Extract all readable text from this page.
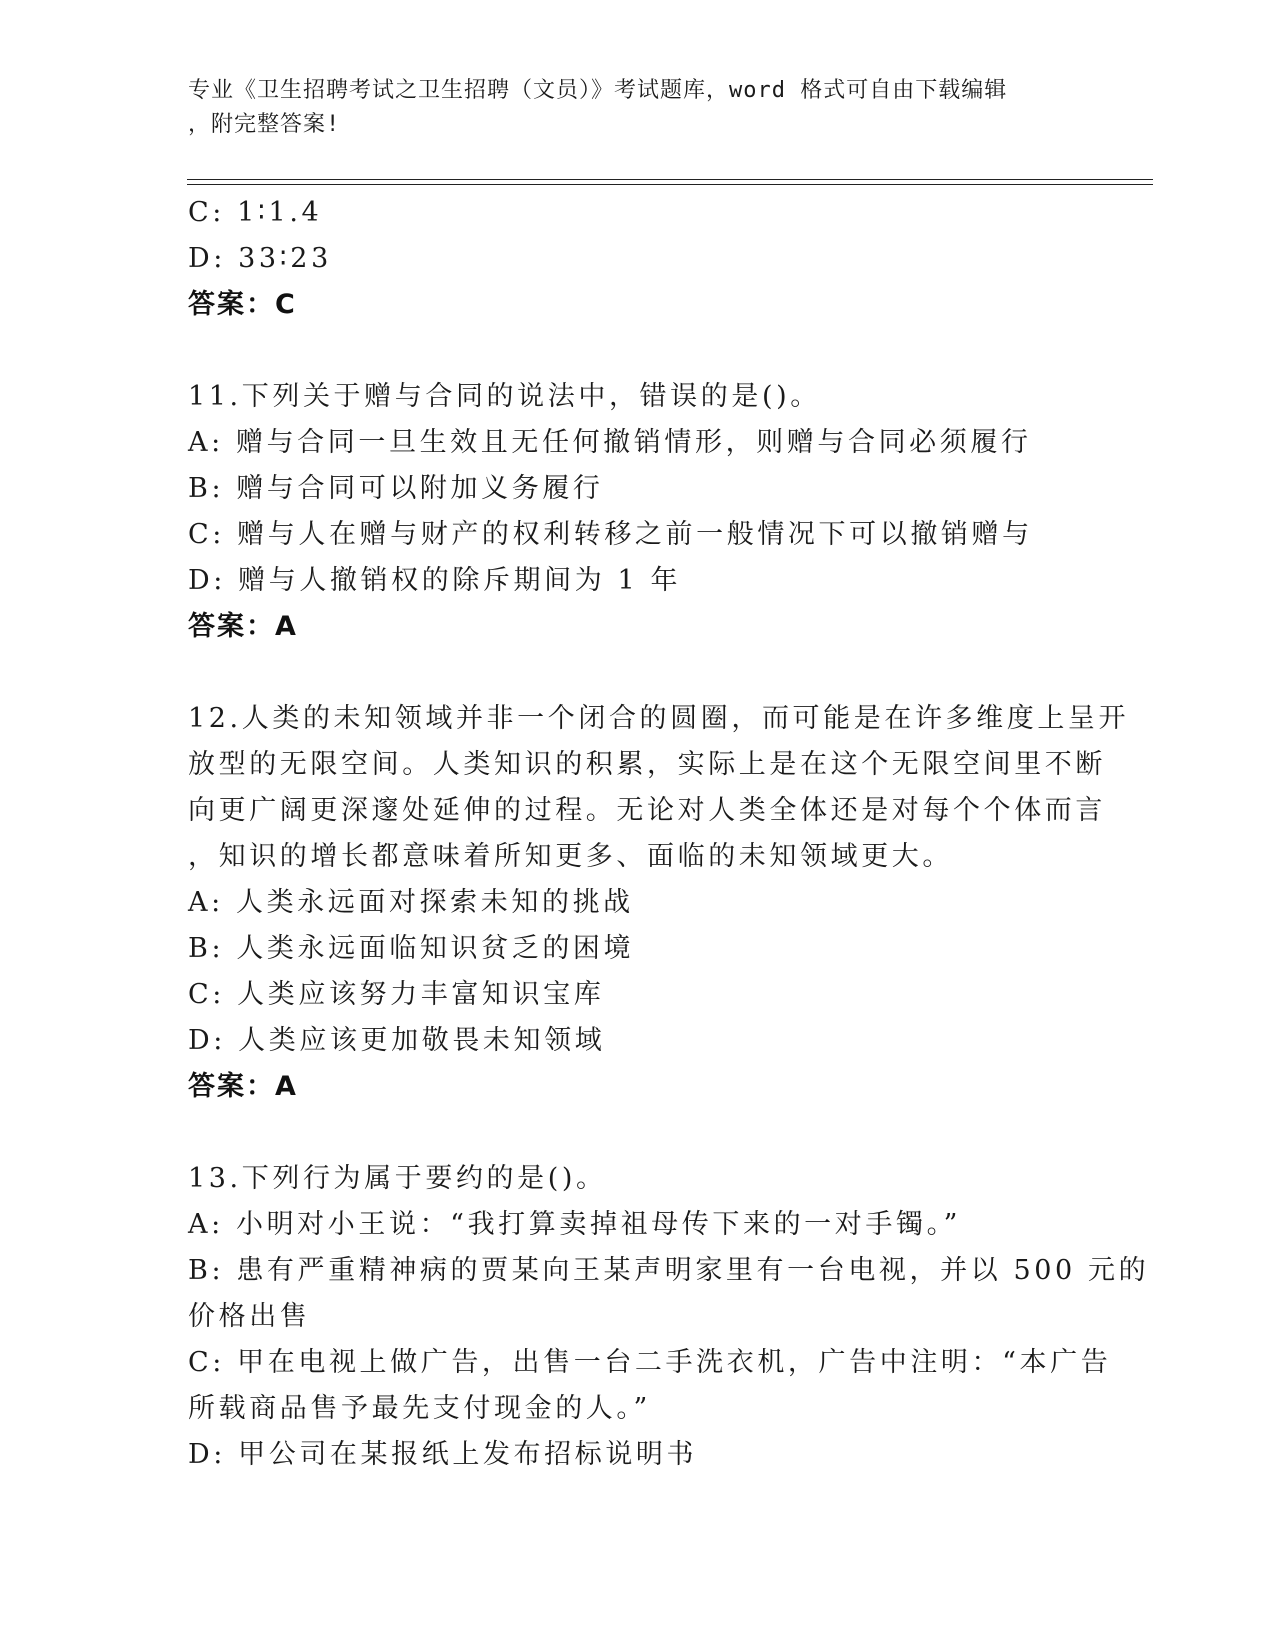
专业《卫生招聘考试之卫生招聘（文员）》考试题库，word 格式可自由下载编辑
，附完整答案!
C: 1∶1.4
D: 33∶23
答案：C
11.下列关于赠与合同的说法中，错误的是()。
A: 赠与合同一旦生效且无任何撤销情形，则赠与合同必须履行
B: 赠与合同可以附加义务履行
C: 赠与人在赠与财产的权利转移之前一般情况下可以撤销赠与
D: 赠与人撤销权的除斥期间为 1 年
答案：A
12.人类的未知领域并非一个闭合的圆圈，而可能是在许多维度上呈开
放型的无限空间。人类知识的积累，实际上是在这个无限空间里不断
向更广阔更深邃处延伸的过程。无论对人类全体还是对每个个体而言
，知识的增长都意味着所知更多、面临的未知领域更大。
A: 人类永远面对探索未知的挑战
B: 人类永远面临知识贫乏的困境
C: 人类应该努力丰富知识宝库
D: 人类应该更加敬畏未知领域
答案：A
13.下列行为属于要约的是()。
A: 小明对小王说：“我打算卖掉祖母传下来的一对手镯。”
B: 患有严重精神病的贾某向王某声明家里有一台电视，并以 500 元的
价格出售
C: 甲在电视上做广告，出售一台二手洗衣机，广告中注明：“本广告
所载商品售予最先支付现金的人。”
D: 甲公司在某报纸上发布招标说明书
